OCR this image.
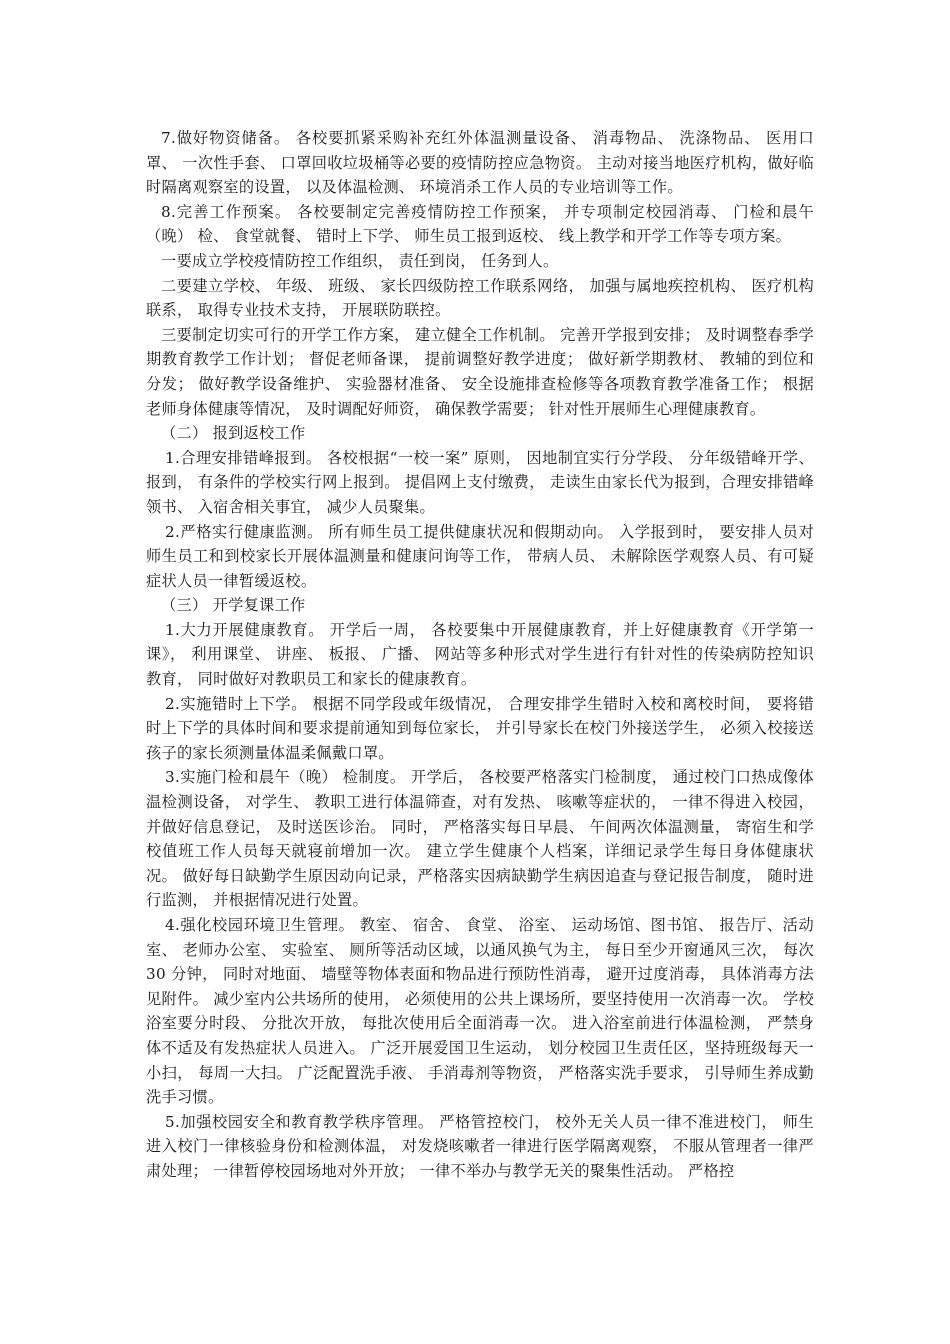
7.做好物资储备。 各校要抓紧采购补充红外体温测量设备、 消毒物品、 洗涤物品、 医用口罩、 一次性手套、 口罩回收垃圾桶等必要的疫情防控应急物资。 主动对接当地医疗机构，做好临时隔离观察室的设置， 以及体温检测、 环境消杀工作人员的专业培训等工作。

8.完善工作预案。 各校要制定完善疫情防控工作预案， 并专项制定校园消毒、 门检和晨午（晚） 检、 食堂就餐、 错时上下学、 师生员工报到返校、 线上教学和开学工作等专项方案。

一要成立学校疫情防控工作组织， 责任到岗， 任务到人。

二要建立学校、 年级、 班级、 家长四级防控工作联系网络， 加强与属地疾控机构、 医疗机构联系， 取得专业技术支持， 开展联防联控。

三要制定切实可行的开学工作方案， 建立健全工作机制。 完善开学报到安排； 及时调整春季学期教育教学工作计划； 督促老师备课， 提前调整好教学进度； 做好新学期教材、 教辅的到位和分发； 做好教学设备维护、 实验器材准备、 安全设施排查检修等各项教育教学准备工作； 根据老师身体健康等情况， 及时调配好师资， 确保教学需要； 针对性开展师生心理健康教育。

（二） 报到返校工作

1.合理安排错峰报到。 各校根据“一校一案” 原则， 因地制宜实行分学段、 分年级错峰开学、 报到， 有条件的学校实行网上报到。 提倡网上支付缴费， 走读生由家长代为报到，合理安排错峰领书、 入宿舍相关事宜， 减少人员聚集。

2.严格实行健康监测。 所有师生员工提供健康状况和假期动向。 入学报到时， 要安排人员对师生员工和到校家长开展体温测量和健康问询等工作， 带病人员、 未解除医学观察人员、有可疑症状人员一律暂缓返校。

（三） 开学复课工作

1.大力开展健康教育。 开学后一周， 各校要集中开展健康教育，并上好健康教育《开学第一课》， 利用课堂、 讲座、 板报、 广播、 网站等多种形式对学生进行有针对性的传染病防控知识教育， 同时做好对教职员工和家长的健康教育。

2.实施错时上下学。 根据不同学段或年级情况， 合理安排学生错时入校和离校时间， 要将错时上下学的具体时间和要求提前通知到每位家长， 并引导家长在校门外接送学生， 必须入校接送孩子的家长须测量体温柔佩戴口罩。

3.实施门检和晨午（晚） 检制度。 开学后， 各校要严格落实门检制度， 通过校门口热成像体温检测设备， 对学生、 教职工进行体温筛查，对有发热、 咳嗽等症状的， 一律不得进入校园， 并做好信息登记， 及时送医诊治。 同时， 严格落实每日早晨、 午间两次体温测量， 寄宿生和学校值班工作人员每天就寝前增加一次。 建立学生健康个人档案，详细记录学生每日身体健康状况。 做好每日缺勤学生原因动向记录，严格落实因病缺勤学生病因追查与登记报告制度， 随时进行监测， 并根据情况进行处置。

4.强化校园环境卫生管理。 教室、 宿舍、 食堂、 浴室、 运动场馆、图书馆、 报告厅、活动室、 老师办公室、 实验室、 厕所等活动区域，以通风换气为主， 每日至少开窗通风三次， 每次 30 分钟， 同时对地面、 墙壁等物体表面和物品进行预防性消毒， 避开过度消毒， 具体消毒方法见附件。 减少室内公共场所的使用， 必须使用的公共上课场所，要坚持使用一次消毒一次。 学校浴室要分时段、 分批次开放， 每批次使用后全面消毒一次。 进入浴室前进行体温检测， 严禁身体不适及有发热症状人员进入。 广泛开展爱国卫生运动， 划分校园卫生责任区，坚持班级每天一小扫， 每周一大扫。 广泛配置洗手液、 手消毒剂等物资， 严格落实洗手要求， 引导师生养成勤洗手习惯。

5.加强校园安全和教育教学秩序管理。 严格管控校门， 校外无关人员一律不准进校门， 师生进入校门一律核验身份和检测体温， 对发烧咳嗽者一律进行医学隔离观察， 不服从管理者一律严肃处理； 一律暂停校园场地对外开放； 一律不举办与教学无关的聚集性活动。 严格控
